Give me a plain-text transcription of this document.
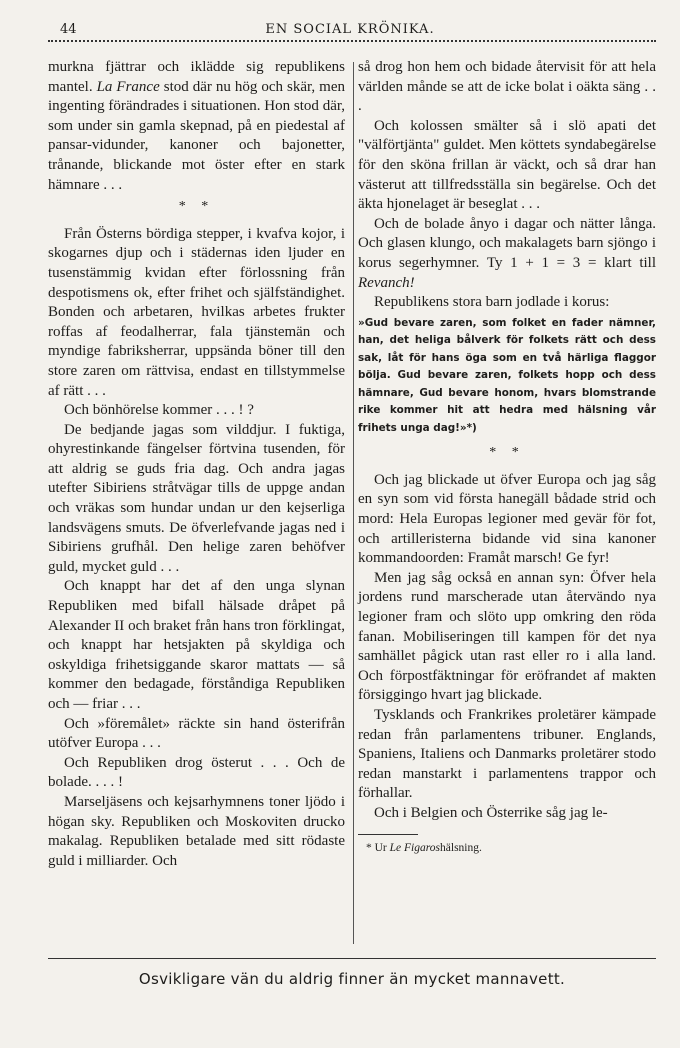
44	EN SOCIAL KRÖNIKA.

murkna fjättrar och iklädde sig republikens mantel. La France stod där nu hög och skär, men ingenting förändrades i situationen. Hon stod där, som under sin gamla skepnad, på en piedestal af pansar-vidunder, kanoner och bajonetter, trånande, blickande mot öster efter en stark hämnare . . .

* *

Från Österns bördiga stepper, i kvafva kojor, i skogarnes djup och i städernas iden ljuder en tusenstämmig kvidan efter förlossning från despotismens ok, efter frihet och själfständighet. Bonden och arbetaren, hvilkas arbetes frukter roffas af feodalherrar, fala tjänstemän och myndige fabriksherrar, uppsända böner till den store zaren om rättvisa, endast en tillstymmelse af rätt . . .

Och bönhörelse kommer . . . ! ?

De bedjande jagas som vilddjur. I fuktiga, ohyrestinkande fängelser förtvina tusenden, för att aldrig se guds fria dag. Och andra jagas utefter Sibiriens stråtvägar tills de uppge andan och vräkas som hundar undan ur den kejserliga landsvägens smuts. De öfverlefvande jagas ned i Sibiriens grufhål. Den helige zaren behöfver guld, mycket guld . . .

Och knappt har det af den unga slynan Republiken med bifall hälsade dråpet på Alexander II och braket från hans tron förklingat, och knappt har hetsjakten på skyldiga och oskyldiga frihetsiggande skaror mattats — så kommer den bedagade, förståndiga Republiken och — friar . . .

Och »föremålet» räckte sin hand österifrån utöfver Europa . . .

Och Republiken drog österut . . . Och de bolade. . . . !

Marseljäsens och kejsarhymnens toner ljödo i högan sky. Republiken och Moskoviten drucko makalag. Republiken betalade med sitt rödaste guld i milliarder. Och

så drog hon hem och bidade återvisit för att hela världen månde se att de icke bolat i oäkta säng . . .

Och kolossen smälter så i slö apati det "välförtjänta" guldet. Men köttets syndabegärelse för den sköna frillan är väckt, och så drar han västerut att tillfredsställa sin begärelse. Och det äkta hjonelaget är beseglat . . .

Och de bolade ånyo i dagar och nätter långa. Och glasen klungo, och makalagets barn sjöngo i korus segerhymner. Ty 1 + 1 = 3 = klart till Revanch!

Republikens stora barn jodlade i korus:

»Gud bevare zaren, som folket en fader nämner, han, det heliga bålverk för folkets rätt och dess sak, låt för hans öga som en två härliga flaggor bölja. Gud bevare zaren, folkets hopp och dess hämnare, Gud bevare honom, hvars blomstrande rike kommer hit att hedra med hälsning vår frihets unga dag!»*)
* *

Och jag blickade ut öfver Europa och jag såg en syn som vid första hanegäll bådade strid och mord: Hela Europas legioner med gevär för fot, och artilleristerna bidande vid sina kanoner kommandoorden: Framåt marsch! Ge fyr!

Men jag såg också en annan syn: Öfver hela jordens rund marscherade utan återvändo nya legioner fram och slöto upp omkring den röda fanan. Mobiliseringen till kampen för det nya samhället pågick utan rast eller ro i alla land. Och förpostfäktningar för eröfrandet af makten försiggingo hvart jag blickade.

Tysklands och Frankrikes proletärer kämpade redan från parlamentens tribuner. Englands, Spaniens, Italiens och Danmarks proletärer stodo redan manstarkt i parlamentens trappor och förhallar.

Och i Belgien och Österrike såg jag le-

* Ur Le Figaroshälsning.
Osvikligare vän du aldrig finner än mycket mannavett.
